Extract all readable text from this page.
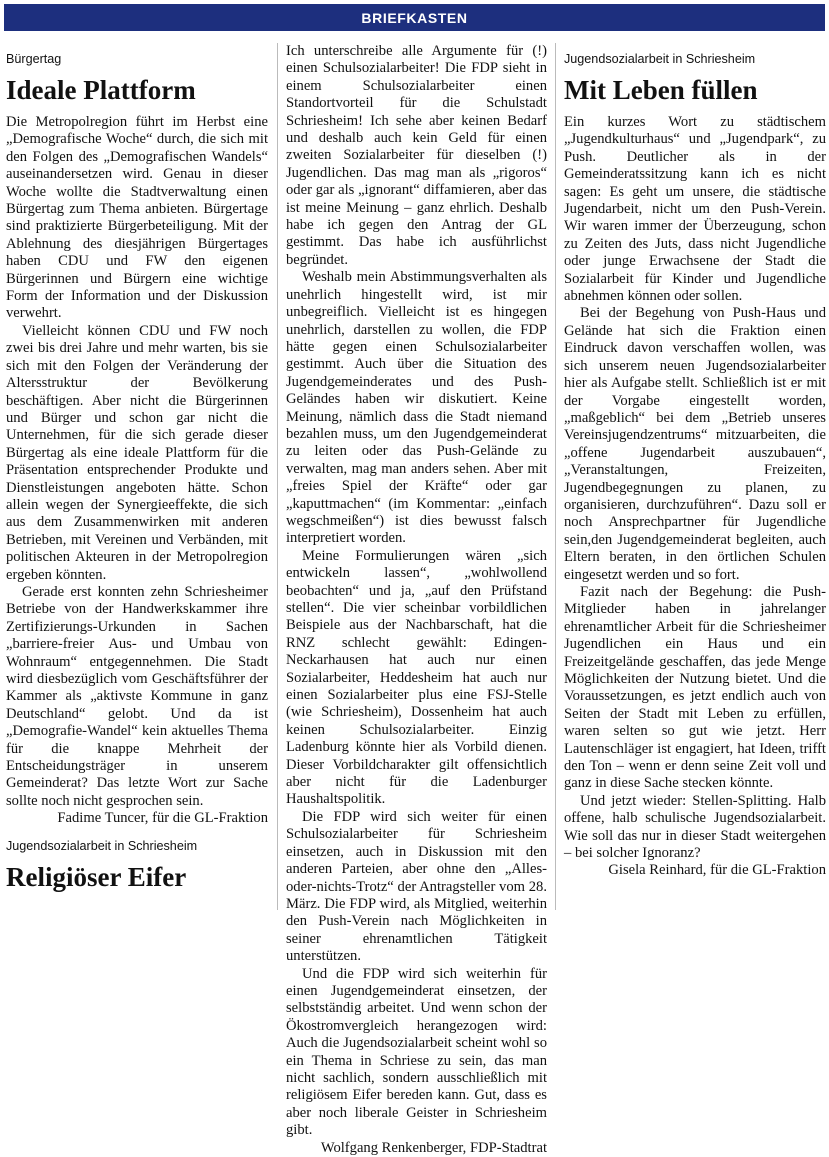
BRIEFKASTEN
Bürgertag
Ideale Plattform

Die Metropolregion führt im Herbst eine „Demografische Woche“ durch, die sich mit den Folgen des „Demografischen Wandels“ auseinandersetzen wird. Genau in dieser Woche wollte die Stadtverwaltung einen Bürgertag zum Thema anbieten. Bürgertage sind praktizierte Bürgerbeteiligung. Mit der Ablehnung des diesjährigen Bürgertages haben CDU und FW den eigenen Bürgerinnen und Bürgern eine wichtige Form der Information und der Diskussion verwehrt.

Vielleicht können CDU und FW noch zwei bis drei Jahre und mehr warten, bis sie sich mit den Folgen der Veränderung der Altersstruktur der Bevölkerung beschäftigen. Aber nicht die Bürgerinnen und Bürger und schon gar nicht die Unternehmen, für die sich gerade dieser Bürgertag als eine ideale Plattform für die Präsentation entsprechender Produkte und Dienstleistungen angeboten hätte. Schon allein wegen der Synergieeffekte, die sich aus dem Zusammenwirken mit anderen Betrieben, mit Vereinen und Verbänden, mit politischen Akteuren in der Metropolregion ergeben könnten.

Gerade erst konnten zehn Schriesheimer Betriebe von der Handwerkskammer ihre Zertifizierungs-Urkunden in Sachen „barriere-freier Aus- und Umbau von Wohnraum“ entgegennehmen. Die Stadt wird diesbezüglich vom Geschäftsführer der Kammer als „aktivste Kommune in ganz Deutschland“ gelobt. Und da ist „Demografie-Wandel“ kein aktuelles Thema für die knappe Mehrheit der Entscheidungsträger in unserem Gemeinderat? Das letzte Wort zur Sache sollte noch nicht gesprochen sein.

Fadime Tuncer, für die GL-Fraktion

Jugendsozialarbeit in Schriesheim
Religiöser Eifer

Ich unterschreibe alle Argumente für (!) einen Schulsozialarbeiter! Die FDP sieht in einem Schulsozialarbeiter einen Standortvorteil für die Schulstadt Schriesheim! Ich sehe aber keinen Bedarf und deshalb auch kein Geld für einen zweiten Sozialarbeiter für dieselben (!) Jugendlichen. Das mag man als „rigoros“ oder gar als „ignorant“ diffamieren, aber das ist meine Meinung – ganz ehrlich. Deshalb habe ich gegen den Antrag der GL gestimmt. Das habe ich ausführlichst begründet.

Weshalb mein Abstimmungsverhalten als unehrlich hingestellt wird, ist mir unbegreiflich. Vielleicht ist es hingegen unehrlich, darstellen zu wollen, die FDP hätte gegen einen Schulsozialarbeiter gestimmt. Auch über die Situation des Jugendgemeinderates und des Push-Geländes haben wir diskutiert. Keine Meinung, nämlich dass die Stadt niemand bezahlen muss, um den Jugendgemeinderat zu leiten oder das Push-Gelände zu verwalten, mag man anders sehen. Aber mit „freies Spiel der Kräfte“ oder gar „kaputtmachen“ (im Kommentar: „einfach wegschmeißen“) ist dies bewusst falsch interpretiert worden.

Meine Formulierungen wären „sich entwickeln lassen“, „wohlwollend beobachten“ und ja, „auf den Prüfstand stellen“. Die vier scheinbar vorbildlichen Beispiele aus der Nachbarschaft, hat die RNZ schlecht gewählt: Edingen-Neckarhausen hat auch nur einen Sozialarbeiter, Heddesheim hat auch nur einen Sozialarbeiter plus eine FSJ-Stelle (wie Schriesheim), Dossenheim hat auch keinen Schulsozialarbeiter. Einzig Ladenburg könnte hier als Vorbild dienen. Dieser Vorbildcharakter gilt offensichtlich aber nicht für die Ladenburger Haushaltspolitik.

Die FDP wird sich weiter für einen Schulsozialarbeiter für Schriesheim einsetzen, auch in Diskussion mit den anderen Parteien, aber ohne den „Alles-oder-nichts-Trotz“ der Antragsteller vom 28. März. Die FDP wird, als Mitglied, weiterhin den Push-Verein nach Möglichkeiten in seiner ehrenamtlichen Tätigkeit unterstützen.

Und die FDP wird sich weiterhin für einen Jugendgemeinderat einsetzen, der selbstständig arbeitet. Und wenn schon der Ökostromvergleich herangezogen wird: Auch die Jugendsozialarbeit scheint wohl so ein Thema in Schriese zu sein, das man nicht sachlich, sondern ausschließlich mit religiösem Eifer bereden kann. Gut, dass es aber noch liberale Geister in Schriesheim gibt.

Wolfgang Renkenberger, FDP-Stadtrat

Jugendsozialarbeit in Schriesheim
Mit Leben füllen

Ein kurzes Wort zu städtischem „Jugendkulturhaus“ und „Jugendpark“, zu Push. Deutlicher als in der Gemeinderatssitzung kann ich es nicht sagen: Es geht um unsere, die städtische Jugendarbeit, nicht um den Push-Verein. Wir waren immer der Überzeugung, schon zu Zeiten des Juts, dass nicht Jugendliche oder junge Erwachsene der Stadt die Sozialarbeit für Kinder und Jugendliche abnehmen können oder sollen.

Bei der Begehung von Push-Haus und Gelände hat sich die Fraktion einen Eindruck davon verschaffen wollen, was sich unserem neuen Jugendsozialarbeiter hier als Aufgabe stellt. Schließlich ist er mit der Vorgabe eingestellt worden, „maßgeblich“ bei dem „Betrieb unseres Vereinsjugendzentrums“ mitzuarbeiten, die „offene Jugendarbeit auszubauen“, „Veranstaltungen, Freizeiten, Jugendbegegnungen zu planen, zu organisieren, durchzuführen“. Dazu soll er noch Ansprechpartner für Jugendliche sein,den Jugendgemeinderat begleiten, auch Eltern beraten, in den örtlichen Schulen eingesetzt werden und so fort.

Fazit nach der Begehung: die Push-Mitglieder haben in jahrelanger ehrenamtlicher Arbeit für die Schriesheimer Jugendlichen ein Haus und ein Freizeitgelände geschaffen, das jede Menge Möglichkeiten der Nutzung bietet. Und die Voraussetzungen, es jetzt endlich auch von Seiten der Stadt mit Leben zu erfüllen, waren selten so gut wie jetzt. Herr Lautenschläger ist engagiert, hat Ideen, trifft den Ton – wenn er denn seine Zeit voll und ganz in diese Sache stecken könnte.

Und jetzt wieder: Stellen-Splitting. Halb offene, halb schulische Jugendsozialarbeit. Wie soll das nur in dieser Stadt weitergehen – bei solcher Ignoranz?

Gisela Reinhard, für die GL-Fraktion
